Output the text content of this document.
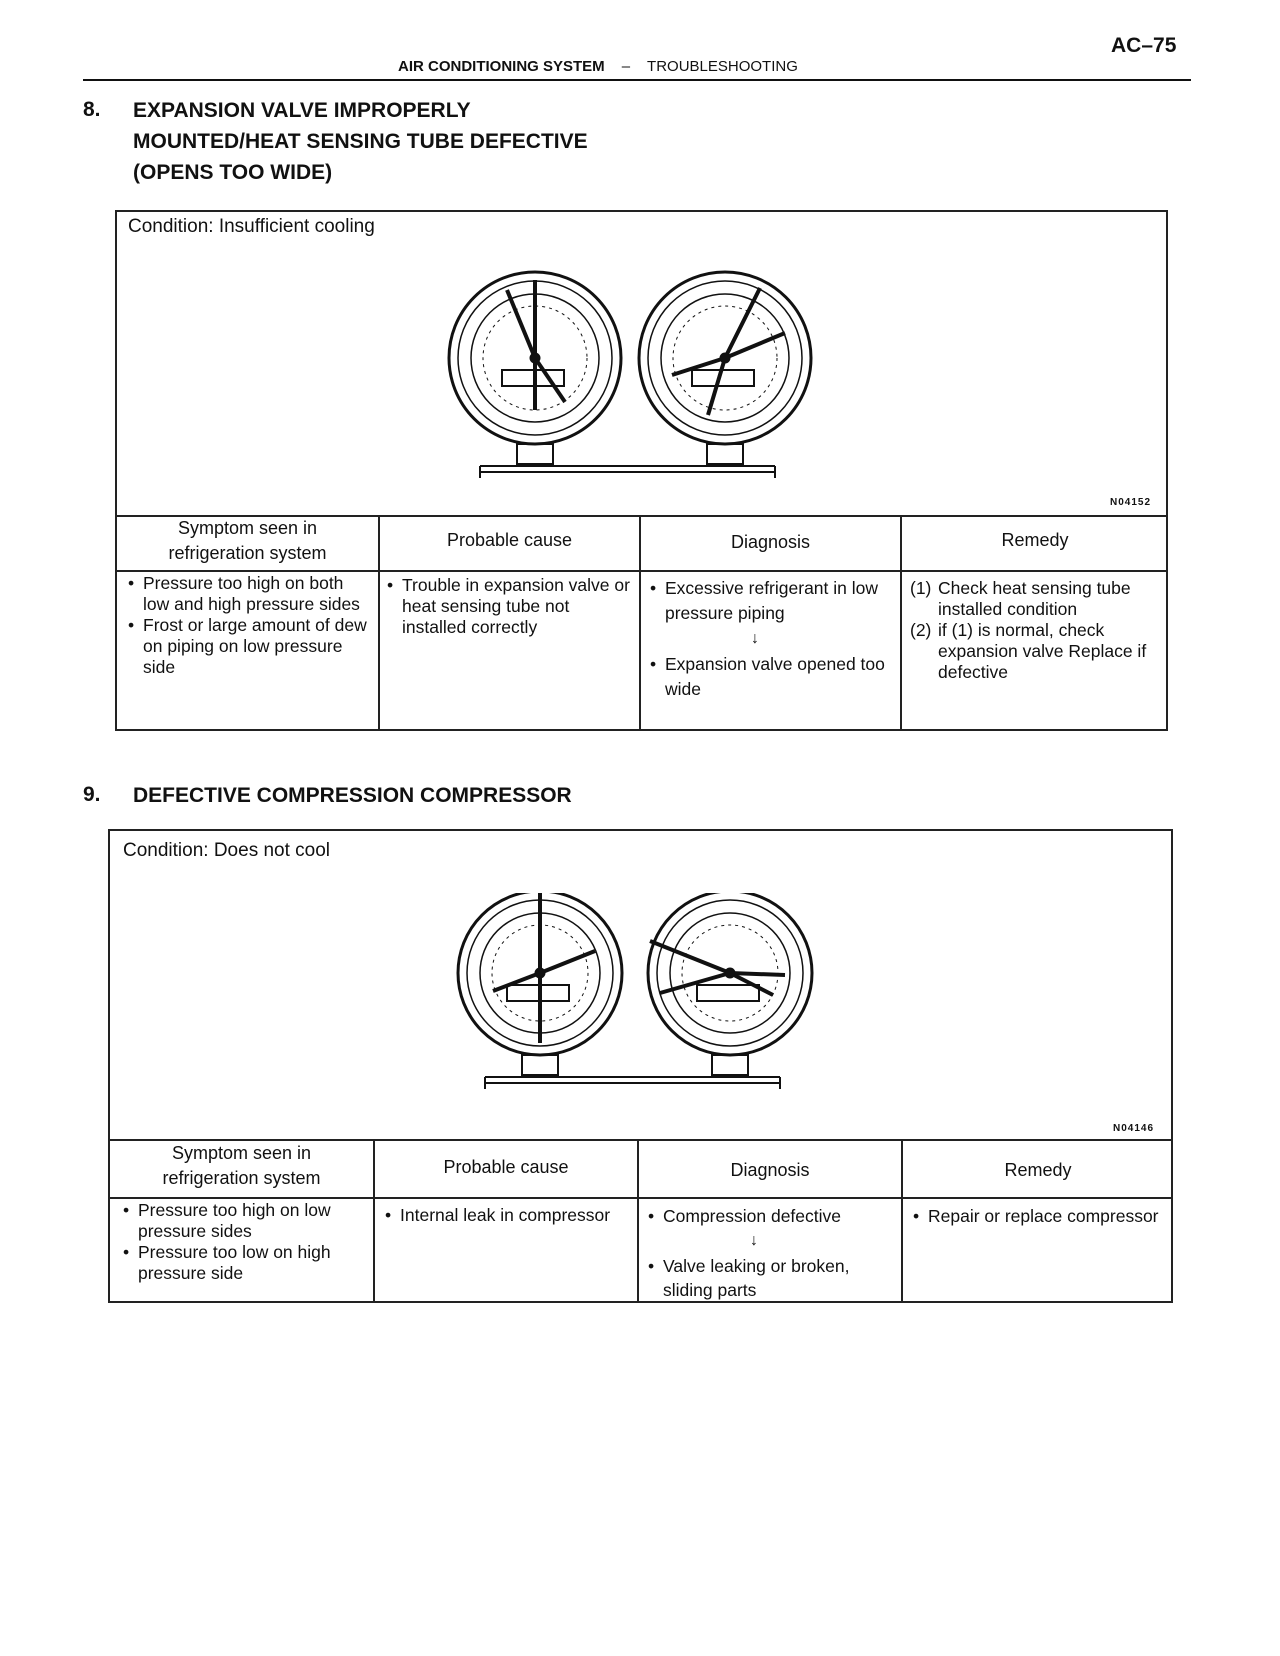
AC–75
AIR CONDITIONING SYSTEM – TROUBLESHOOTING
8. EXPANSION VALVE IMPROPERLY
MOUNTED/HEAT SENSING TUBE DEFECTIVE
(OPENS TOO WIDE)
Condition: Insufficient cooling
N04152
Symptom seen in
refrigeration system
Probable cause	Diagnosis	Remedy
• Pressure too high on both low and high pressure sides
• Frost or large amount of dew on piping on low pressure side
• Trouble in expansion valve or heat sensing tube not installed correctly
• Excessive refrigerant in low pressure piping
↓
• Expansion valve opened too wide
(1) Check heat sensing tube installed condition
(2) if (1) is normal, check expansion valve Replace if defective
9. DEFECTIVE COMPRESSION COMPRESSOR
Condition: Does not cool
N04146
Symptom seen in
refrigeration system
Probable cause	Diagnosis	Remedy
• Pressure too high on low pressure sides
• Pressure too low on high pressure side
• Internal leak in compressor
•	Compression defective
↓
• Valve leaking or broken, sliding parts
• Repair or replace compressor
